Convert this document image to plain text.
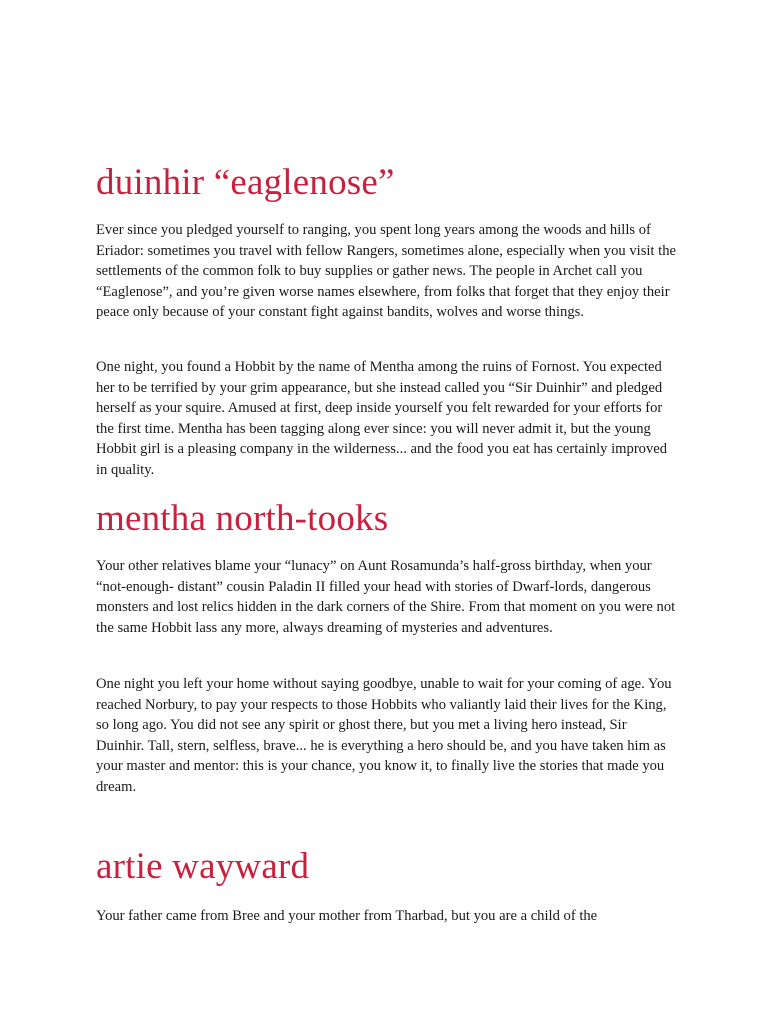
duinhir “eaglenose”

Ever since you pledged yourself to ranging, you spent long years among the woods and hills of Eriador: sometimes you travel with fellow Rangers, sometimes alone, especially when you visit the settlements of the common folk to buy supplies or gather news. The people in Archet call you “Eaglenose”, and you’re given worse names elsewhere, from folks that forget that they enjoy their peace only because of your constant fight against bandits, wolves and worse things.

One night, you found a Hobbit by the name of Mentha among the ruins of Fornost. You expected her to be terrified by your grim appearance, but she instead called you “Sir Duinhir” and pledged herself as your squire. Amused at first, deep inside yourself you felt rewarded for your efforts for the first time. Mentha has been tagging along ever since: you will never admit it, but the young Hobbit girl is a pleasing company in the wilderness... and the food you eat has certainly improved in quality.

mentha north-tooks

Your other relatives blame your “lunacy” on Aunt Rosamunda’s half-gross birthday, when your “not-enough- distant” cousin Paladin II filled your head with stories of Dwarf-lords, dangerous monsters and lost relics hidden in the dark corners of the Shire. From that moment on you were not the same Hobbit lass any more, always dreaming of mysteries and adventures.

One night you left your home without saying goodbye, unable to wait for your coming of age. You reached Norbury, to pay your respects to those Hobbits who valiantly laid their lives for the King, so long ago. You did not see any spirit or ghost there, but you met a living hero instead, Sir Duinhir. Tall, stern, selfless, brave... he is everything a hero should be, and you have taken him as your master and mentor: this is your chance, you know it, to finally live the stories that made you dream.

artie wayward

Your father came from Bree and your mother from Tharbad, but you are a child of the
